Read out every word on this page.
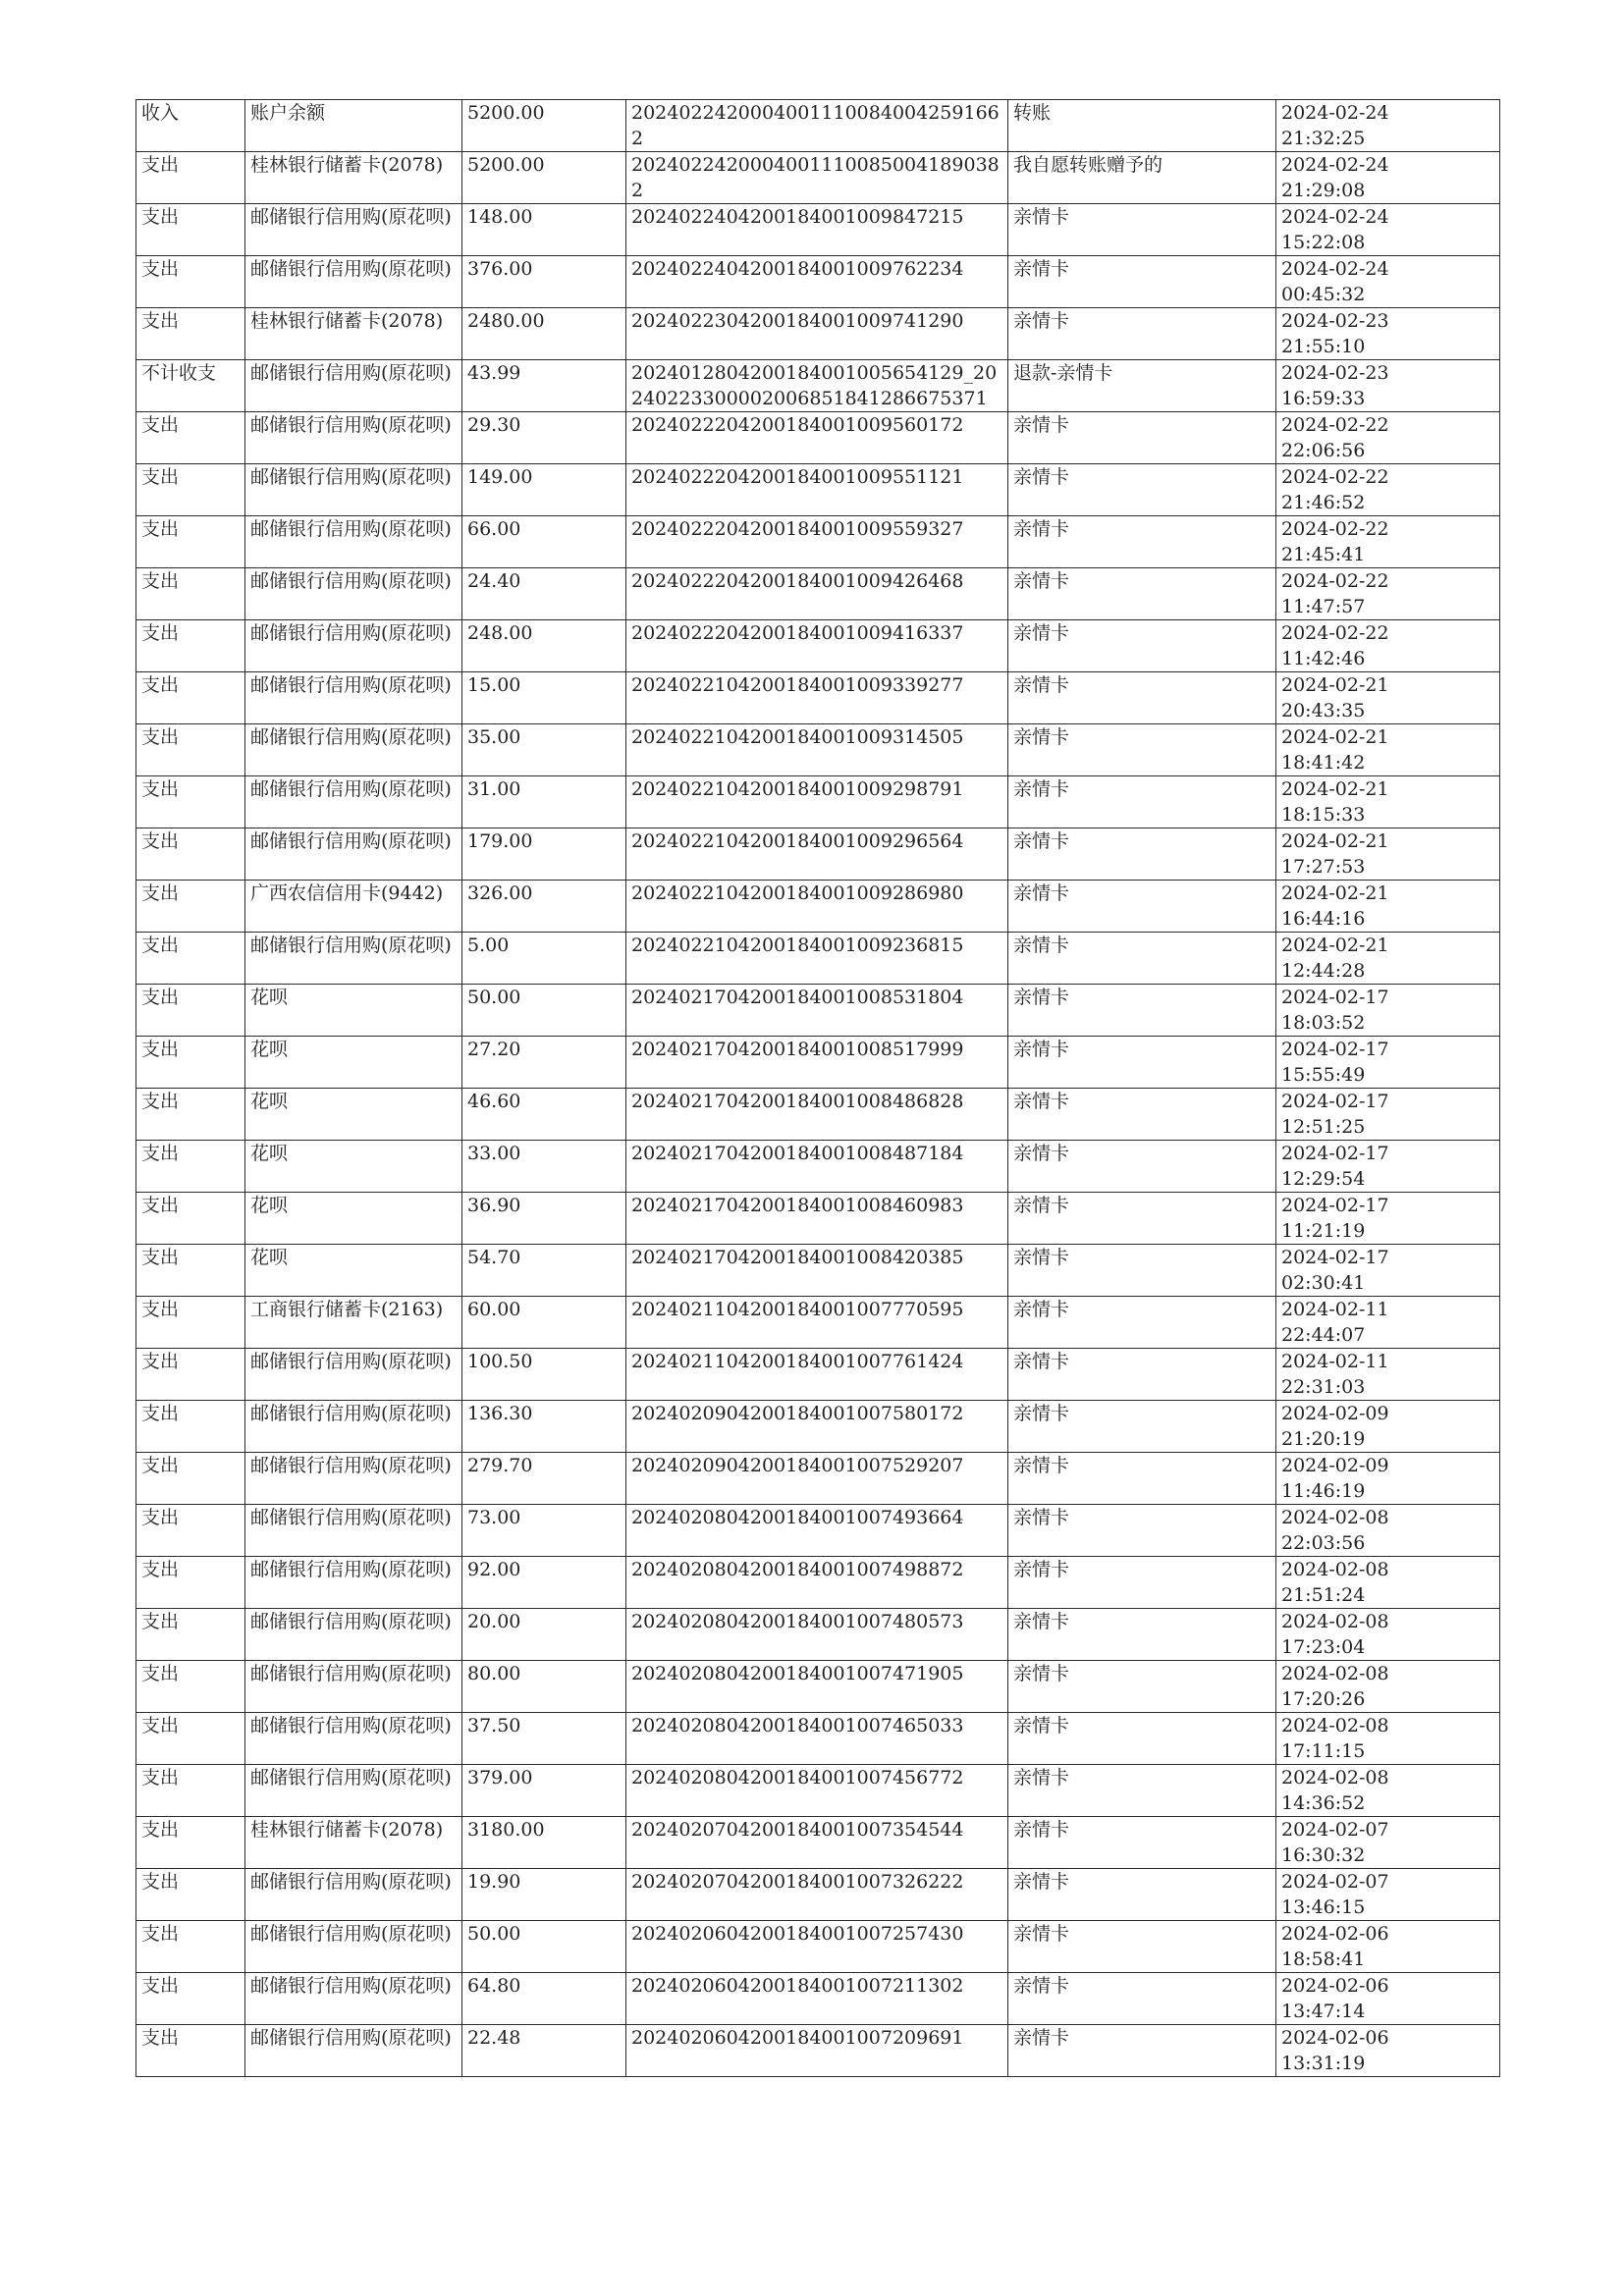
收入	账户余额	5200.00	20240224200040011100840042591662	转账	2024-02-24
21:32:25

支出	桂林银行储蓄卡(2078)	5200.00	20240224200040011100850041890382	我自愿转账赠予的	2024-02-24
21:29:08

支出	邮储银行信用购(原花呗)	148.00	2024022404200184001009847215	亲情卡	2024-02-24
15:22:08

支出	邮储银行信用购(原花呗)	376.00	2024022404200184001009762234	亲情卡	2024-02-24
00:45:32

支出	桂林银行储蓄卡(2078)	2480.00	2024022304200184001009741290	亲情卡	2024-02-23
21:55:10

不计收支	邮储银行信用购(原花呗)	43.99	2024012804200184001005654129_20240223300002006851841286675371	退款-亲情卡	2024-02-23
16:59:33

支出	邮储银行信用购(原花呗)	29.30	2024022204200184001009560172	亲情卡	2024-02-22
22:06:56

支出	邮储银行信用购(原花呗)	149.00	2024022204200184001009551121	亲情卡	2024-02-22
21:46:52

支出	邮储银行信用购(原花呗)	66.00	2024022204200184001009559327	亲情卡	2024-02-22
21:45:41

支出	邮储银行信用购(原花呗)	24.40	2024022204200184001009426468	亲情卡	2024-02-22
11:47:57

支出	邮储银行信用购(原花呗)	248.00	2024022204200184001009416337	亲情卡	2024-02-22
11:42:46

支出	邮储银行信用购(原花呗)	15.00	2024022104200184001009339277	亲情卡	2024-02-21
20:43:35

支出	邮储银行信用购(原花呗)	35.00	2024022104200184001009314505	亲情卡	2024-02-21
18:41:42

支出	邮储银行信用购(原花呗)	31.00	2024022104200184001009298791	亲情卡	2024-02-21
18:15:33

支出	邮储银行信用购(原花呗)	179.00	2024022104200184001009296564	亲情卡	2024-02-21
17:27:53

支出	广西农信信用卡(9442)	326.00	2024022104200184001009286980	亲情卡	2024-02-21
16:44:16

支出	邮储银行信用购(原花呗)	5.00	2024022104200184001009236815	亲情卡	2024-02-21
12:44:28

支出	花呗	50.00	2024021704200184001008531804	亲情卡	2024-02-17
18:03:52

支出	花呗	27.20	2024021704200184001008517999	亲情卡	2024-02-17
15:55:49

支出	花呗	46.60	2024021704200184001008486828	亲情卡	2024-02-17
12:51:25

支出	花呗	33.00	2024021704200184001008487184	亲情卡	2024-02-17
12:29:54

支出	花呗	36.90	2024021704200184001008460983	亲情卡	2024-02-17
11:21:19

支出	花呗	54.70	2024021704200184001008420385	亲情卡	2024-02-17
02:30:41

支出	工商银行储蓄卡(2163)	60.00	2024021104200184001007770595	亲情卡	2024-02-11
22:44:07

支出	邮储银行信用购(原花呗)	100.50	2024021104200184001007761424	亲情卡	2024-02-11
22:31:03

支出	邮储银行信用购(原花呗)	136.30	2024020904200184001007580172	亲情卡	2024-02-09
21:20:19

支出	邮储银行信用购(原花呗)	279.70	2024020904200184001007529207	亲情卡	2024-02-09
11:46:19

支出	邮储银行信用购(原花呗)	73.00	2024020804200184001007493664	亲情卡	2024-02-08
22:03:56

支出	邮储银行信用购(原花呗)	92.00	2024020804200184001007498872	亲情卡	2024-02-08
21:51:24

支出	邮储银行信用购(原花呗)	20.00	2024020804200184001007480573	亲情卡	2024-02-08
17:23:04

支出	邮储银行信用购(原花呗)	80.00	2024020804200184001007471905	亲情卡	2024-02-08
17:20:26

支出	邮储银行信用购(原花呗)	37.50	2024020804200184001007465033	亲情卡	2024-02-08
17:11:15

支出	邮储银行信用购(原花呗)	379.00	2024020804200184001007456772	亲情卡	2024-02-08
14:36:52

支出	桂林银行储蓄卡(2078)	3180.00	2024020704200184001007354544	亲情卡	2024-02-07
16:30:32

支出	邮储银行信用购(原花呗)	19.90	2024020704200184001007326222	亲情卡	2024-02-07
13:46:15

支出	邮储银行信用购(原花呗)	50.00	2024020604200184001007257430	亲情卡	2024-02-06
18:58:41

支出	邮储银行信用购(原花呗)	64.80	2024020604200184001007211302	亲情卡	2024-02-06
13:47:14

支出	邮储银行信用购(原花呗)	22.48	2024020604200184001007209691	亲情卡	2024-02-06
13:31:19
